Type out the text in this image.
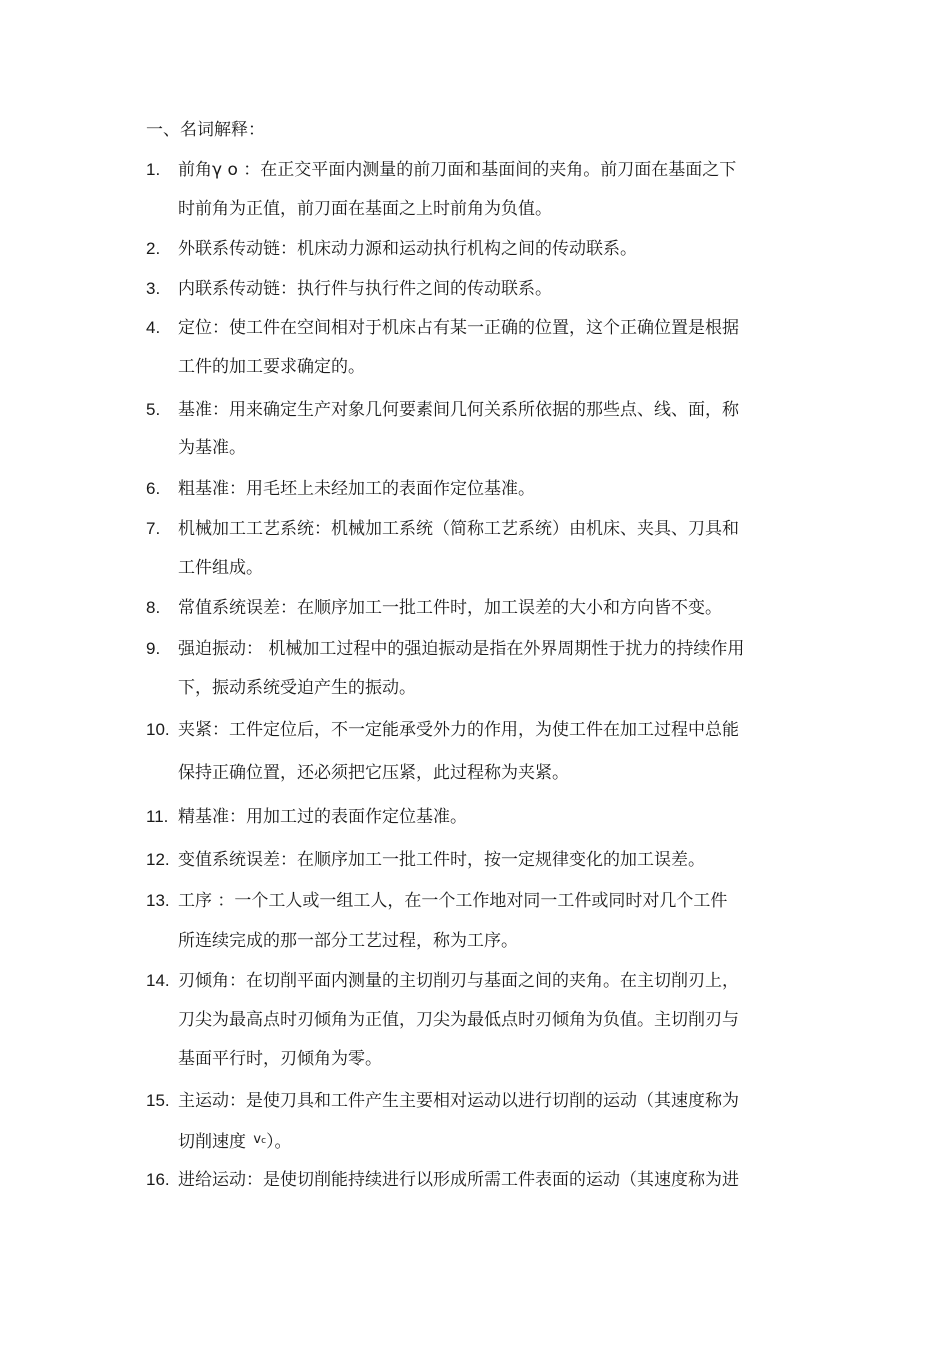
一、名词解释：
1. 前角γ o ：在正交平面内测量的前刀面和基面间的夹角。前刀面在基面之下
时前角为正值，前刀面在基面之上时前角为负值。
2. 外联系传动链：机床动力源和运动执行机构之间的传动联系。
3. 内联系传动链：执行件与执行件之间的传动联系。
4. 定位：使工件在空间相对于机床占有某一正确的位置，这个正确位置是根据
工件的加工要求确定的。
5. 基准：用来确定生产对象几何要素间几何关系所依据的那些点、线、面，称
为基准。
6. 粗基准：用毛坯上未经加工的表面作定位基准。
7. 机械加工工艺系统：机械加工系统（简称工艺系统）由机床、夹具、刀具和
工件组成。
8. 常值系统误差：在顺序加工一批工件时，加工误差的大小和方向皆不变。
9. 强迫振动： 机械加工过程中的强迫振动是指在外界周期性于扰力的持续作用
下，振动系统受迫产生的振动。
10. 夹紧：工件定位后，不一定能承受外力的作用，为使工件在加工过程中总能
保持正确位置，还必须把它压紧，此过程称为夹紧。
11. 精基准：用加工过的表面作定位基准。
12. 变值系统误差：在顺序加工一批工件时，按一定规律变化的加工误差。
13. 工序 ：一个工人或一组工人，在一个工作地对同一工件或同时对几个工件
所连续完成的那一部分工艺过程，称为工序。
14. 刃倾角：在切削平面内测量的主切削刃与基面之间的夹角。在主切削刃上，
刀尖为最高点时刃倾角为正值，刀尖为最低点时刃倾角为负值。主切削刃与
基面平行时，刃倾角为零。
15. 主运动：是使刀具和工件产生主要相对运动以进行切削的运动（其速度称为
切削速度 $^{vc}$）。
16. 进给运动：是使切削能持续进行以形成所需工件表面的运动（其速度称为进
